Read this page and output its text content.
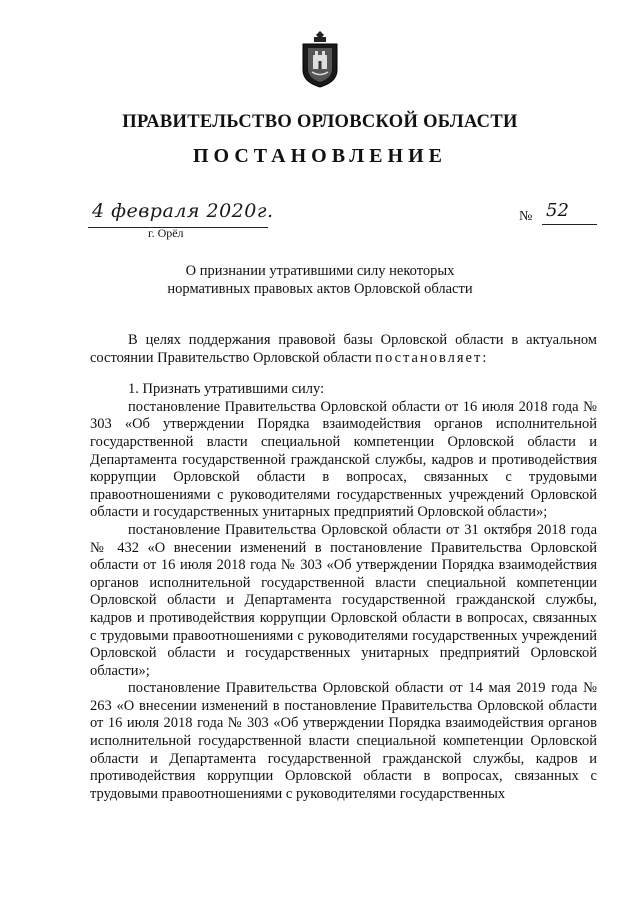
ПРАВИТЕЛЬСТВО ОРЛОВСКОЙ ОБЛАСТИ
ПОСТАНОВЛЕНИЕ
4 февраля 2020г.
г. Орёл
№ 52
О признании утратившими силу некоторых
нормативных правовых актов Орловской области

В целях поддержания правовой базы Орловской области в актуальном состоянии Правительство Орловской области постановляет:

1. Признать утратившими силу:

постановление Правительства Орловской области от 16 июля 2018 года № 303 «Об утверждении Порядка взаимодействия органов исполнительной государственной власти специальной компетенции Орловской области и Департамента государственной гражданской службы, кадров и противодействия коррупции Орловской области в вопросах, связанных с трудовыми правоотношениями с руководителями государственных учреждений Орловской области и государственных унитарных предприятий Орловской области»;

постановление Правительства Орловской области от 31 октября 2018 года № 432 «О внесении изменений в постановление Правительства Орловской области от 16 июля 2018 года № 303 «Об утверждении Порядка взаимодействия органов исполнительной государственной власти специальной компетенции Орловской области и Департамента государственной гражданской службы, кадров и противодействия коррупции Орловской области в вопросах, связанных с трудовыми правоотношениями с руководителями государственных учреждений Орловской области и государственных унитарных предприятий Орловской области»;

постановление Правительства Орловской области от 14 мая 2019 года № 263 «О внесении изменений в постановление Правительства Орловской области от 16 июля 2018 года № 303 «Об утверждении Порядка взаимодействия органов исполнительной государственной власти специальной компетенции Орловской области и Департамента государственной гражданской службы, кадров и противодействия коррупции Орловской области в вопросах, связанных с трудовыми правоотношениями с руководителями государственных
